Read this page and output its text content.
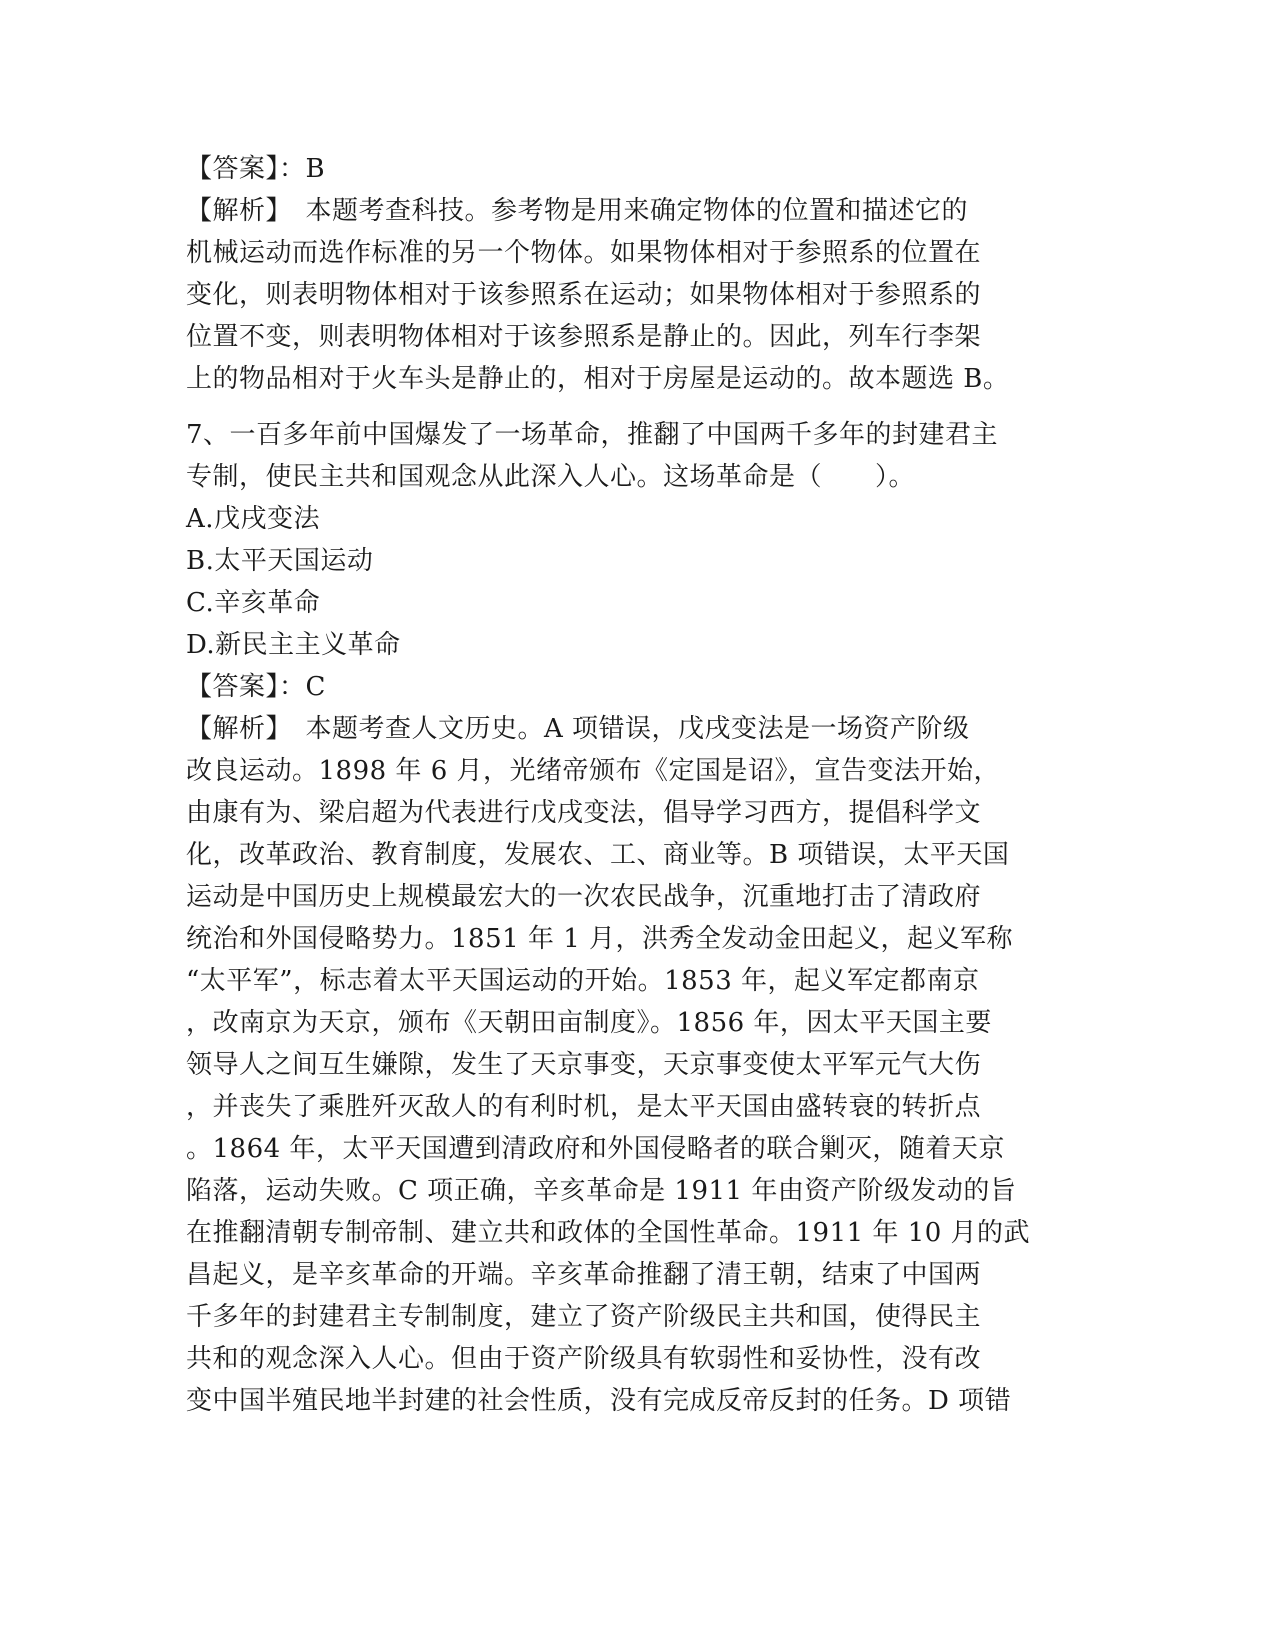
【答案】：B
【解析】　本题考查科技。参考物是用来确定物体的位置和描述它的
机械运动而选作标准的另一个物体。如果物体相对于参照系的位置在
变化，则表明物体相对于该参照系在运动；如果物体相对于参照系的
位置不变，则表明物体相对于该参照系是静止的。因此，列车行李架
上的物品相对于火车头是静止的，相对于房屋是运动的。故本题选 B。
7、一百多年前中国爆发了一场革命，推翻了中国两千多年的封建君主
专制，使民主共和国观念从此深入人心。这场革命是（　　）。
A.戊戌变法
B.太平天国运动
C.辛亥革命
D.新民主主义革命
【答案】：C
【解析】　本题考查人文历史。A 项错误，戊戌变法是一场资产阶级
改良运动。1898 年 6 月，光绪帝颁布《定国是诏》，宣告变法开始，
由康有为、梁启超为代表进行戊戌变法，倡导学习西方，提倡科学文
化，改革政治、教育制度，发展农、工、商业等。B 项错误，太平天国
运动是中国历史上规模最宏大的一次农民战争，沉重地打击了清政府
统治和外国侵略势力。1851 年 1 月，洪秀全发动金田起义，起义军称
“太平军”，标志着太平天国运动的开始。1853 年，起义军定都南京
，改南京为天京，颁布《天朝田亩制度》。1856 年，因太平天国主要
领导人之间互生嫌隙，发生了天京事变，天京事变使太平军元气大伤
，并丧失了乘胜歼灭敌人的有利时机，是太平天国由盛转衰的转折点
。1864 年，太平天国遭到清政府和外国侵略者的联合剿灭，随着天京
陷落，运动失败。C 项正确，辛亥革命是 1911 年由资产阶级发动的旨
在推翻清朝专制帝制、建立共和政体的全国性革命。1911 年 10 月的武
昌起义，是辛亥革命的开端。辛亥革命推翻了清王朝，结束了中国两
千多年的封建君主专制制度，建立了资产阶级民主共和国，使得民主
共和的观念深入人心。但由于资产阶级具有软弱性和妥协性，没有改
变中国半殖民地半封建的社会性质，没有完成反帝反封的任务。D 项错
